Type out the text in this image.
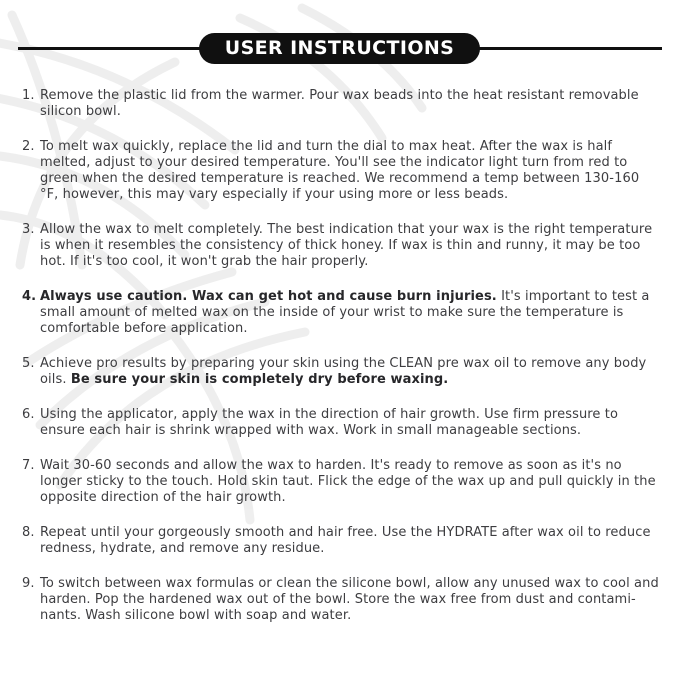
USER INSTRUCTIONS
1. Remove the plastic lid from the warmer. Pour wax beads into the heat resistant removable silicon bowl.
2. To melt wax quickly, replace the lid and turn the dial to max heat. After the wax is half melted, adjust to your desired temperature. You'll see the indicator light turn from red to green when the desired temperature is reached. We recommend a temp between 130-160 °F, however, this may vary especially if your using more or less beads.
3. Allow the wax to melt completely. The best indication that your wax is the right temperature is when it resembles the consistency of thick honey. If wax is thin and runny, it may be too hot. If it's too cool, it won't grab the hair properly.
4. Always use caution. Wax can get hot and cause burn injuries. It's important to test a small amount of melted wax on the inside of your wrist to make sure the temperature is comfortable before application.
5. Achieve pro results by preparing your skin using the CLEAN pre wax oil to remove any body oils. Be sure your skin is completely dry before waxing.
6. Using the applicator, apply the wax in the direction of hair growth. Use firm pressure to ensure each hair is shrink wrapped with wax. Work in small manageable sections.
7. Wait 30-60 seconds and allow the wax to harden. It's ready to remove as soon as it's no longer sticky to the touch. Hold skin taut. Flick the edge of the wax up and pull quickly in the opposite direction of the hair growth.
8. Repeat until your gorgeously smooth and hair free. Use the HYDRATE after wax oil to reduce redness, hydrate, and remove any residue.
9. To switch between wax formulas or clean the silicone bowl, allow any unused wax to cool and harden. Pop the hardened wax out of the bowl. Store the wax free from dust and contaminants. Wash silicone bowl with soap and water.
